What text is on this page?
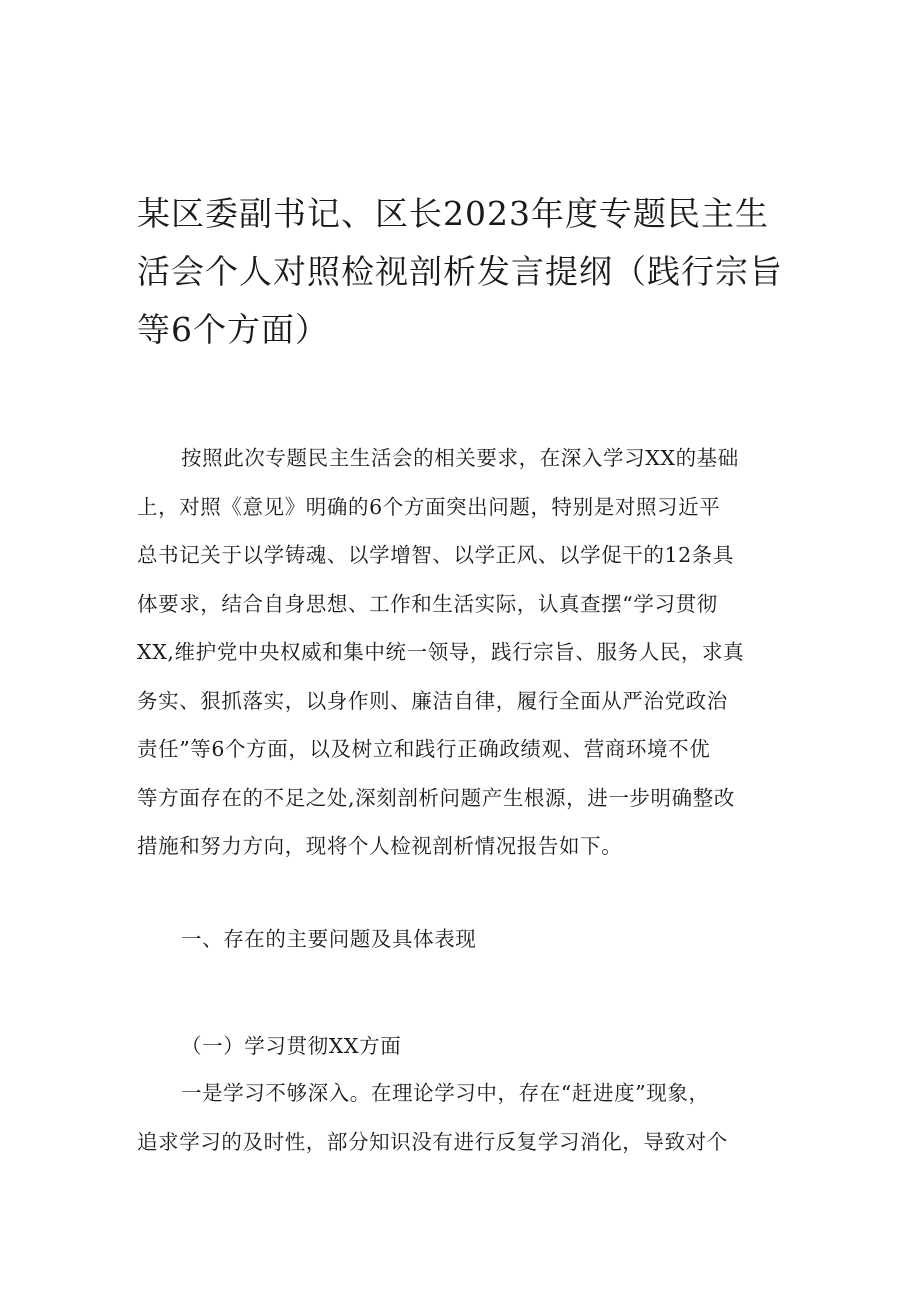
某区委副书记、区长2023年度专题民主生
活会个人对照检视剖析发言提纲（践行宗旨
等6个方面）

按照此次专题民主生活会的相关要求，在深入学习XX的基础
上，对照《意见》明确的6个方面突出问题，特别是对照习近平
总书记关于以学铸魂、以学增智、以学正风、以学促干的12条具
体要求，结合自身思想、工作和生活实际，认真查摆“学习贯彻
XX,维护党中央权威和集中统一领导，践行宗旨、服务人民，求真
务实、狠抓落实，以身作则、廉洁自律，履行全面从严治党政治
责任”等6个方面，以及树立和践行正确政绩观、营商环境不优
等方面存在的不足之处,深刻剖析问题产生根源，进一步明确整改
措施和努力方向，现将个人检视剖析情况报告如下。

一、存在的主要问题及具体表现

（一）学习贯彻XX方面

一是学习不够深入。在理论学习中，存在“赶进度”现象，
追求学习的及时性，部分知识没有进行反复学习消化，导致对个
